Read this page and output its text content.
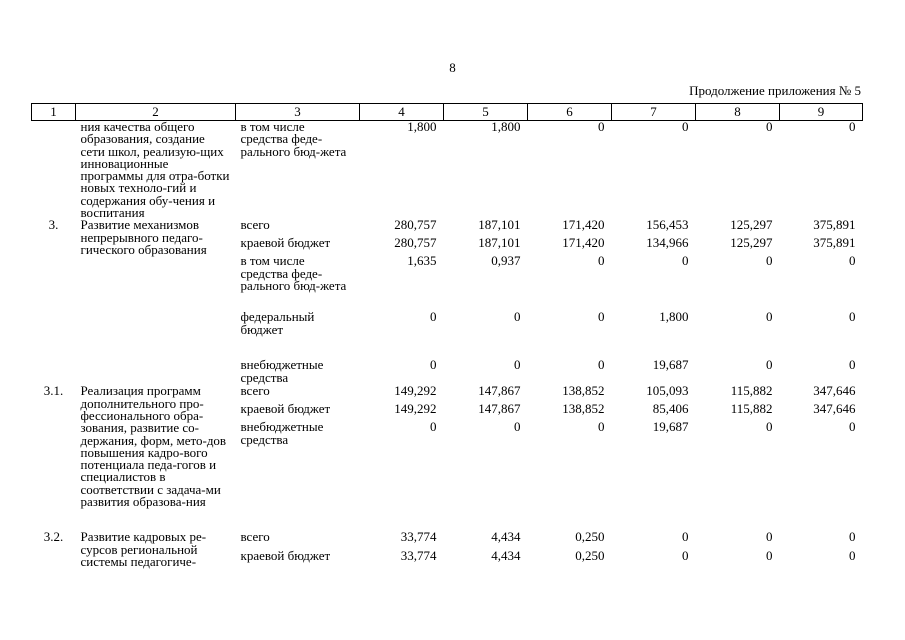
8
Продолжение приложения № 5
1	2	3	4	5	6	7	8	9
	ния качества общего образования, создание сети школ, реализую-щих инновационные программы для отра-ботки новых техноло-гий и содержания обу-чения и воспитания	в том числе средства феде-рального бюд-жета	1,800	1,800	0	0	0	0
3.	Развитие механизмов непрерывного педаго-гического образования	всего	280,757	187,101	171,420	156,453	125,297	375,891
		краевой бюджет	280,757	187,101	171,420	134,966	125,297	375,891
		в том числе средства феде-рального бюд-жета	1,635	0,937	0	0	0	0
		федеральный бюджет	0	0	0	1,800	0	0
		внебюджетные средства	0	0	0	19,687	0	0
3.1.	Реализация программ дополнительного про-фессионального обра-зования, развитие со-держания, форм, мето-дов повышения кадро-вого потенциала педа-гогов и специалистов в соответствии с задача-ми развития образова-ния	всего	149,292	147,867	138,852	105,093	115,882	347,646
		краевой бюджет	149,292	147,867	138,852	85,406	115,882	347,646
		внебюджетные средства	0	0	0	19,687	0	0
3.2.	Развитие кадровых ре-сурсов региональной системы педагогиче-	всего	33,774	4,434	0,250	0	0	0
		краевой бюджет	33,774	4,434	0,250	0	0	0
